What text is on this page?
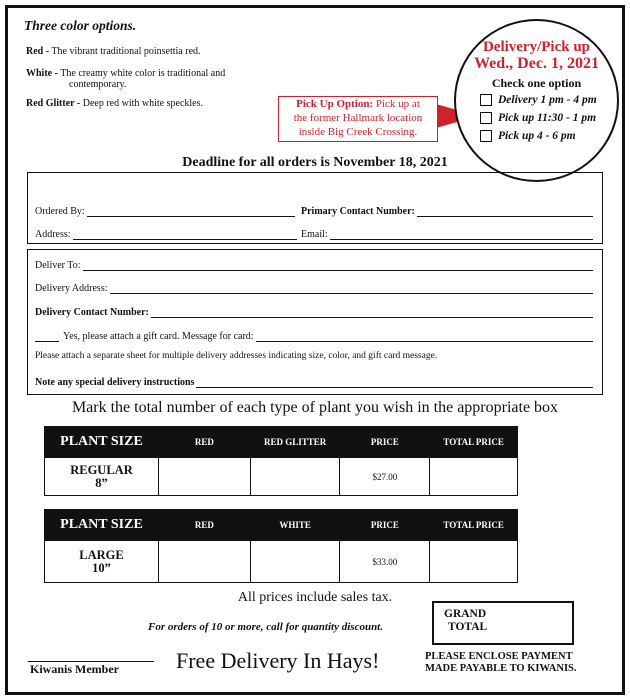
Three color options.
Red - The vibrant traditional poinsettia red.
White - The creamy white color is traditional and
contemporary.
Red Glitter - Deep red with white speckles.	Pick Up Option: Pick up at
the former Hallmark location
inside Big Creek Crossing.
Delivery/Pick up
Wed., Dec. 1, 2021
Check one option
Delivery 1 pm - 4 pm
Pick up 11:30 - 1 pm
Pick up 4 - 6 pm
Deadline for all orders is November 18, 2021
Ordered By:	Primary Contact Number:
Address:	Email:
Deliver To:
Delivery Address:
Delivery Contact Number:
Yes, please attach a gift card. Message for card:
Please attach a separate sheet for multiple delivery addresses indicating size, color, and gift card message.
Note any special delivery instructions
Mark the total number of each type of plant you wish in the appropriate box
PLANT SIZE	RED	RED GLITTER	PRICE	TOTAL PRICE

REGULAR
8”			$27.00	
PLANT SIZE	RED	WHITE	PRICE	TOTAL PRICE

LARGE
10”			$33.00	
All prices include sales tax.
For orders of 10 or more, call for quantity discount.
GRAND
TOTAL
Kiwanis Member	Free Delivery In Hays!	PLEASE ENCLOSE PAYMENT
MADE PAYABLE TO KIWANIS.
